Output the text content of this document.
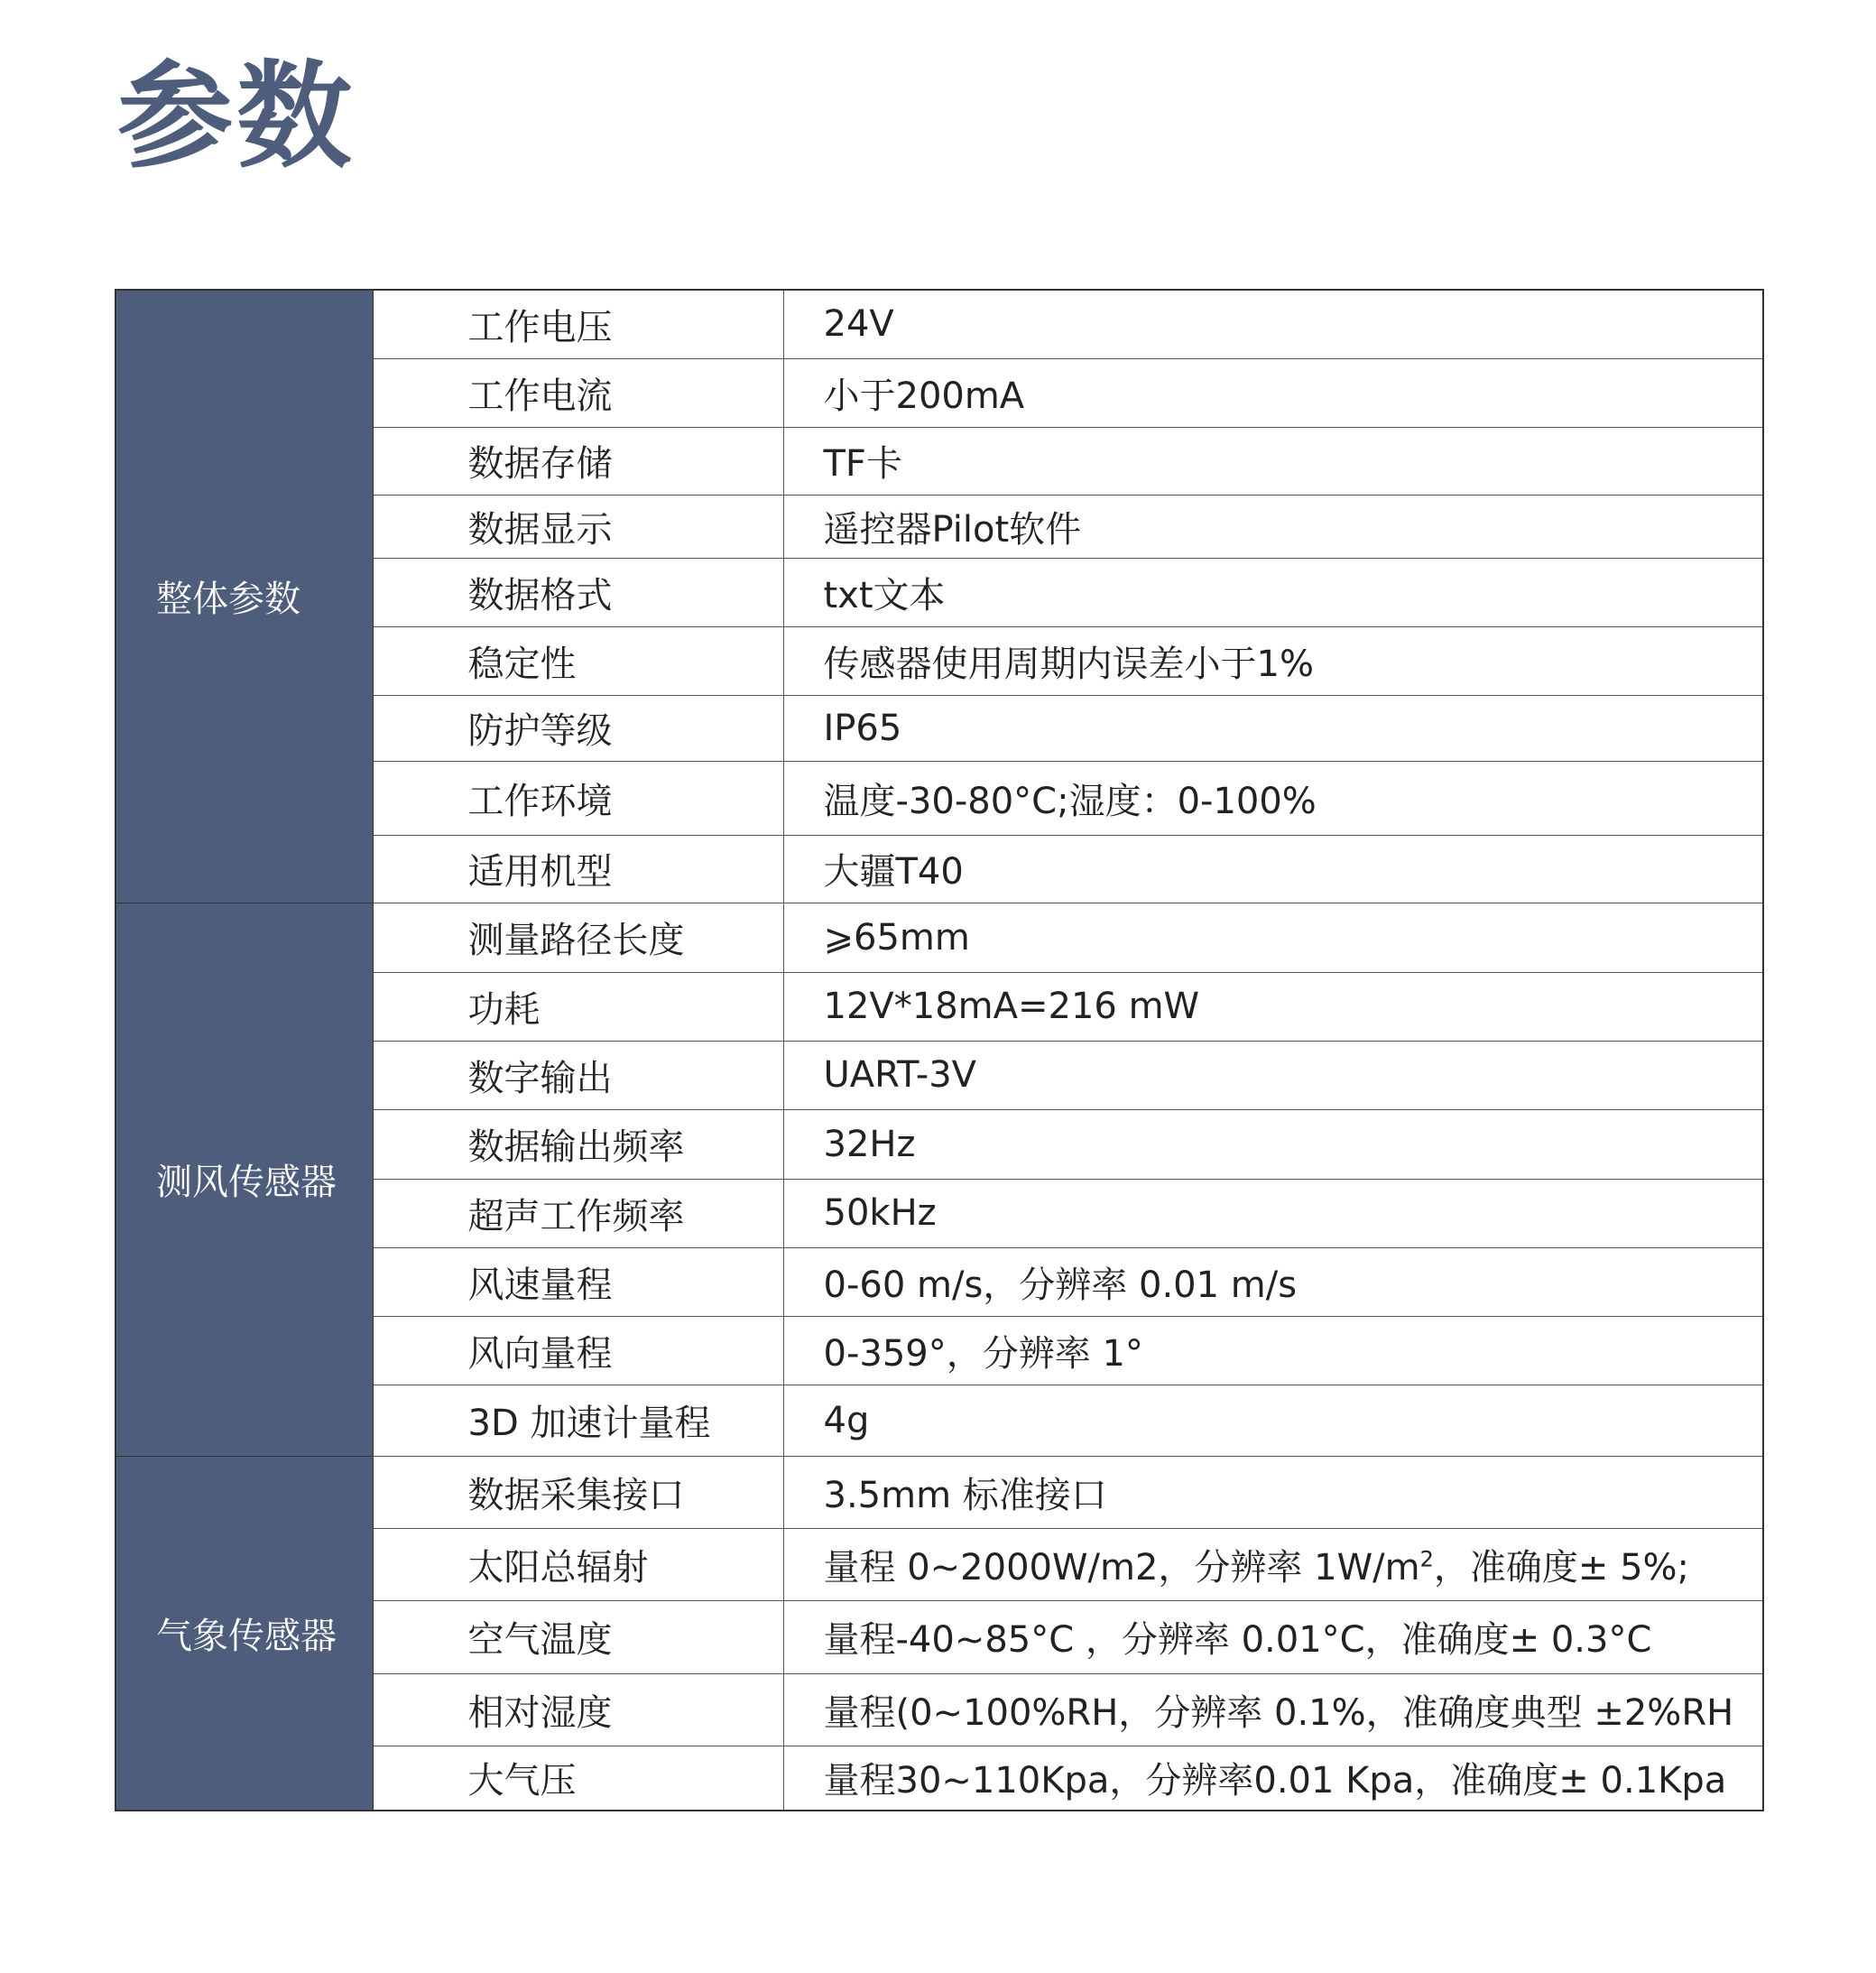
参数
整体参数	工作电压	24V
	工作电流	小于200mA
	数据存储	TF卡
	数据显示	遥控器Pilot软件
	数据格式	txt文本
	稳定性	传感器使用周期内误差小于1%
	防护等级	IP65
	工作环境	温度-30-80°C;湿度：0-100%
	适用机型	大疆T40
测风传感器	测量路径长度	⩾65mm
	功耗	12V*18mA=216 mW
	数字输出	UART-3V
	数据输出频率	32Hz
	超声工作频率	50kHz
	风速量程	0-60 m/s，分辨率 0.01 m/s
	风向量程	0-359°，分辨率 1°
	3D 加速计量程	4g
气象传感器	数据采集接口	3.5mm 标准接口
	太阳总辐射	量程 0~2000W/m2，分辨率 $1W/m^2$，准确度± 5%;
	空气温度	量程-40~85°C ，分辨率 0.01°C，准确度± 0.3°C
	相对湿度	量程(0~100%RH，分辨率 0.1%，准确度典型 ±2%RH
	大气压	量程30~110Kpa，分辨率0.01 Kpa，准确度± 0.1Kpa
